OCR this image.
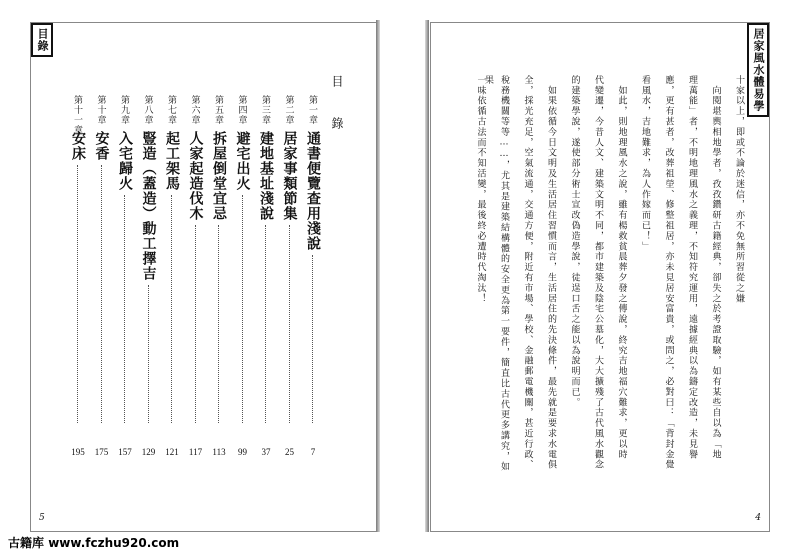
目錄
目 錄
第一章
通書便覽查用淺說
7
第二章
居家事類節集
25
第三章
建地基址淺說
37
第四章
避宅出火
99
第五章
拆屋倒堂宜忌
113
第六章
人家起造伐木
117
第七章
起工架馬
121
第八章
豎造（蓋造）動工擇吉
129
第九章
入宅歸火
157
第十章
安香
175
第十一章
安床
195
5
居家風水體易學
十家以上，即或不論於迷信，亦不免無所習從之嫌
　向閱堪輿相地學者，孜孜鑽研古籍經典，卻失之於考證取驗，如有某些自以為「地
理萬能」者，不明地理風水之義理，不知符究運用，遠據經典以為鑄定改造，未見譽
應，更有甚者，改葬祖塋、修整祖居，亦未見居安富貴，或問之，必對曰：「背封金覺
看風水，吉地難求，為人作嫁而已！」
　如此，則地理風水之說，雖有楊救貧晨葬夕發之傳說，終究吉地福穴難求，更以時
代變遷，今昔人文、建築文明不同，都市建築及陰宅公墓化，大大擴殘了古代風水觀念
的建築學說，遂使部分術士宣改偽造學說，徒逞口舌之能以為說明而已。
　如果依循今日文明及生活居住習慣而言，生活居住的先決條件，最先就是要求水電俱
全，採光充足，空氣流通，交通方便，附近有市場、學校、金融郵電機關，甚近行政、
稅務機關等等……，尤其是建築結構體的安全更為第一要件，簡直比古代更多講究，如果
一味依循古法而不知活變，最後終必遭時代淘汰！
4
古籍库 www.fczhu920.com
